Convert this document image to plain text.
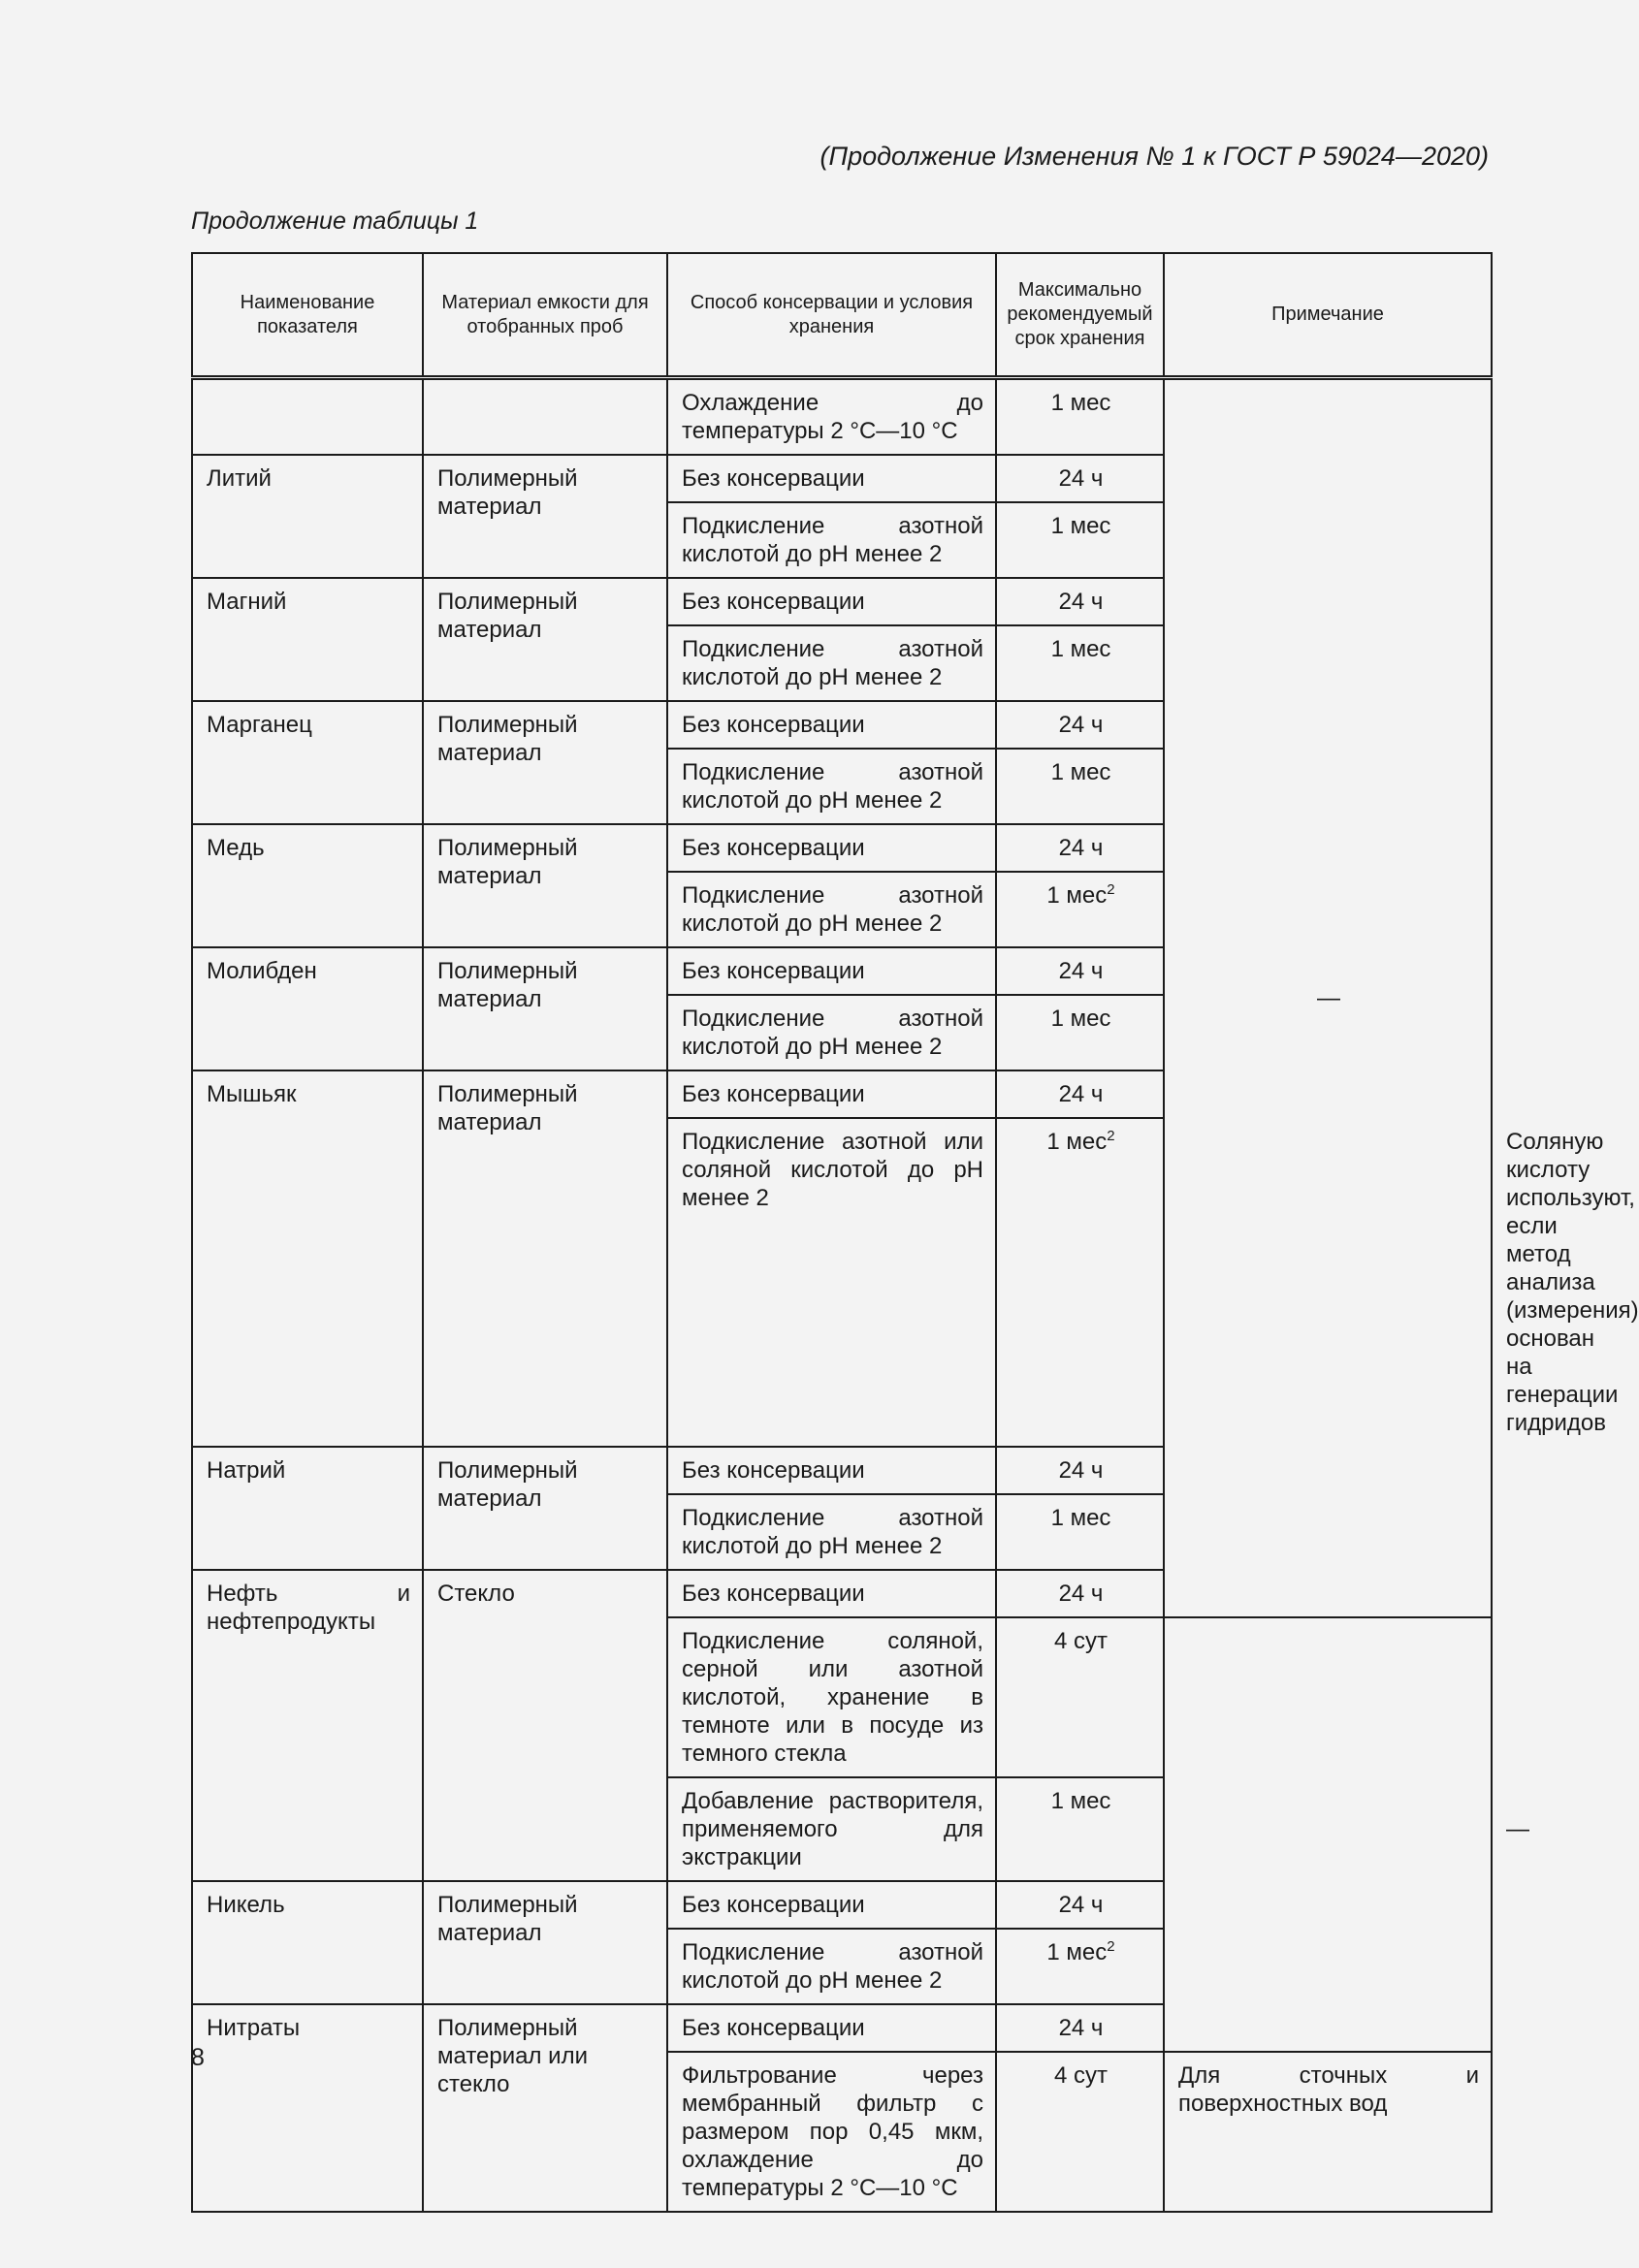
(Продолжение Изменения № 1 к ГОСТ Р 59024—2020)
Продолжение таблицы 1
Наименование показателя	Материал емкости для отобранных проб	Способ консервации и условия хранения	Максимально рекомендуемый срок хранения	Примечание	
		Охлаждение до температуры 2 °C—10 °C	1 мес	—	
Литий	Полимерный материал	Без консервации	24 ч		
		Подкисление азотной кислотой до pH менее 2	1 мес		
Магний	Полимерный материал	Без консервации	24 ч		
		Подкисление азотной кислотой до pH менее 2	1 мес		
Марганец	Полимерный материал	Без консервации	24 ч		
		Подкисление азотной кислотой до pH менее 2	1 мес		
Медь	Полимерный материал	Без консервации	24 ч		
		Подкисление азотной кислотой до pH менее 2	1 мес$^2$
Молибден	Полимерный материал	Без консервации	24 ч		
		Подкисление азотной кислотой до pH менее 2	1 мес		
Мышьяк	Полимерный материал	Без консервации	24 ч		
		Подкисление азотной или соляной кислотой до pH менее 2	1 мес$^2$		Соляную кислоту используют, если метод анализа (измерения) основан на генерации гидридов
Натрий	Полимерный материал	Без консервации	24 ч		—
		Подкисление азотной кислотой до pH менее 2	1 мес		
Нефть и нефтепродукты	Стекло	Без консервации	24 ч		
		Подкисление соляной, серной или азотной кислотой, хранение в темноте или в посуде из темного стекла	4 сут		
		Добавление растворителя, применяемого для экстракции	1 мес		
Никель	Полимерный материал	Без консервации	24 ч		
		Подкисление азотной кислотой до pH менее 2	1 мес$^2$
Нитраты	Полимерный материал или стекло	Без консервации	24 ч		
		Фильтрование через мембранный фильтр с размером пор 0,45 мкм, охлаждение до температуры 2 °C—10 °C	4 сут	Для сточных и поверхностных вод	
8
